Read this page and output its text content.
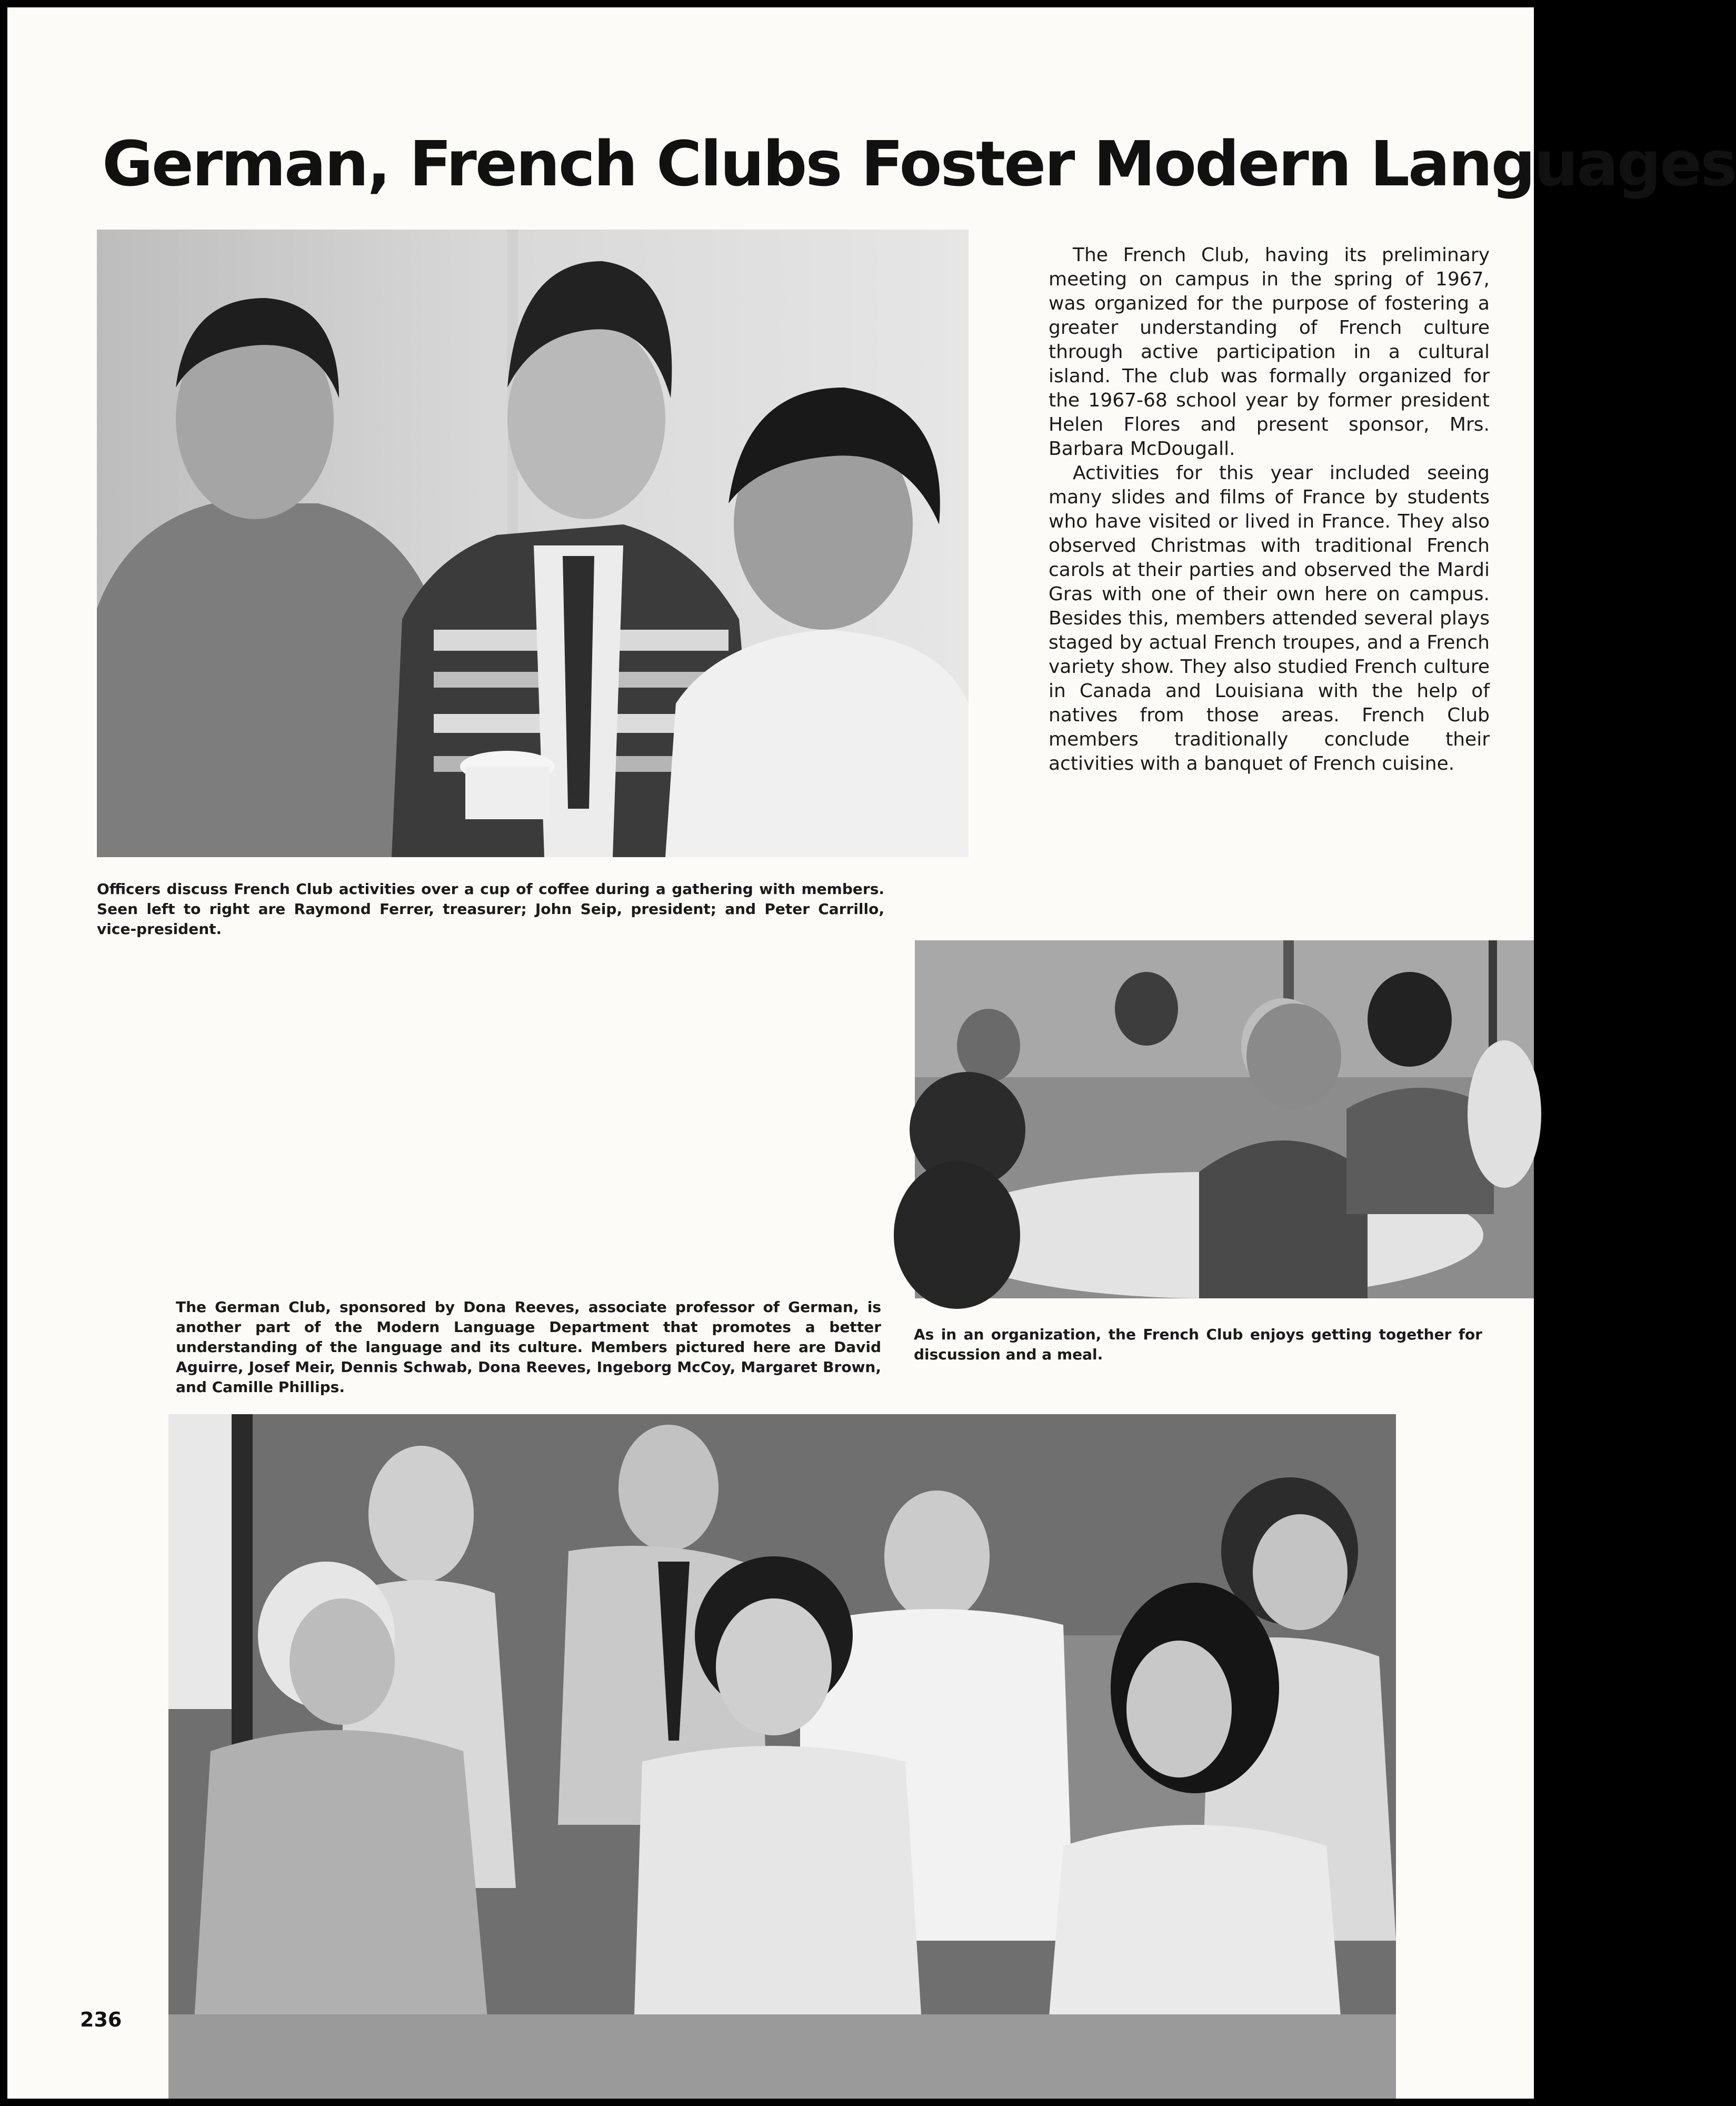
German, French Clubs Foster Modern Languages

The French Club, having its preliminary meeting on campus in the spring of 1967, was organized for the purpose of fostering a greater understanding of French culture through active participation in a cultural island. The club was formally organized for the 1967-68 school year by former president Helen Flores and present sponsor, Mrs. Barbara McDougall.

Activities for this year included seeing many slides and films of France by students who have visited or lived in France. They also observed Christmas with traditional French carols at their parties and observed the Mardi Gras with one of their own here on campus. Besides this, members attended several plays staged by actual French troupes, and a French variety show. They also studied French culture in Canada and Louisiana with the help of natives from those areas. French Club members traditionally conclude their activities with a banquet of French cuisine.

Officers discuss French Club activities over a cup of coffee during a gathering with members. Seen left to right are Raymond Ferrer, treasurer; John Seip, president; and Peter Carrillo, vice-president.
As in an organization, the French Club enjoys getting together for discussion and a meal.
The German Club, sponsored by Dona Reeves, associate professor of German, is another part of the Modern Language Department that promotes a better understanding of the language and its culture. Members pictured here are David Aguirre, Josef Meir, Dennis Schwab, Dona Reeves, Ingeborg McCoy, Margaret Brown, and Camille Phillips.
236
